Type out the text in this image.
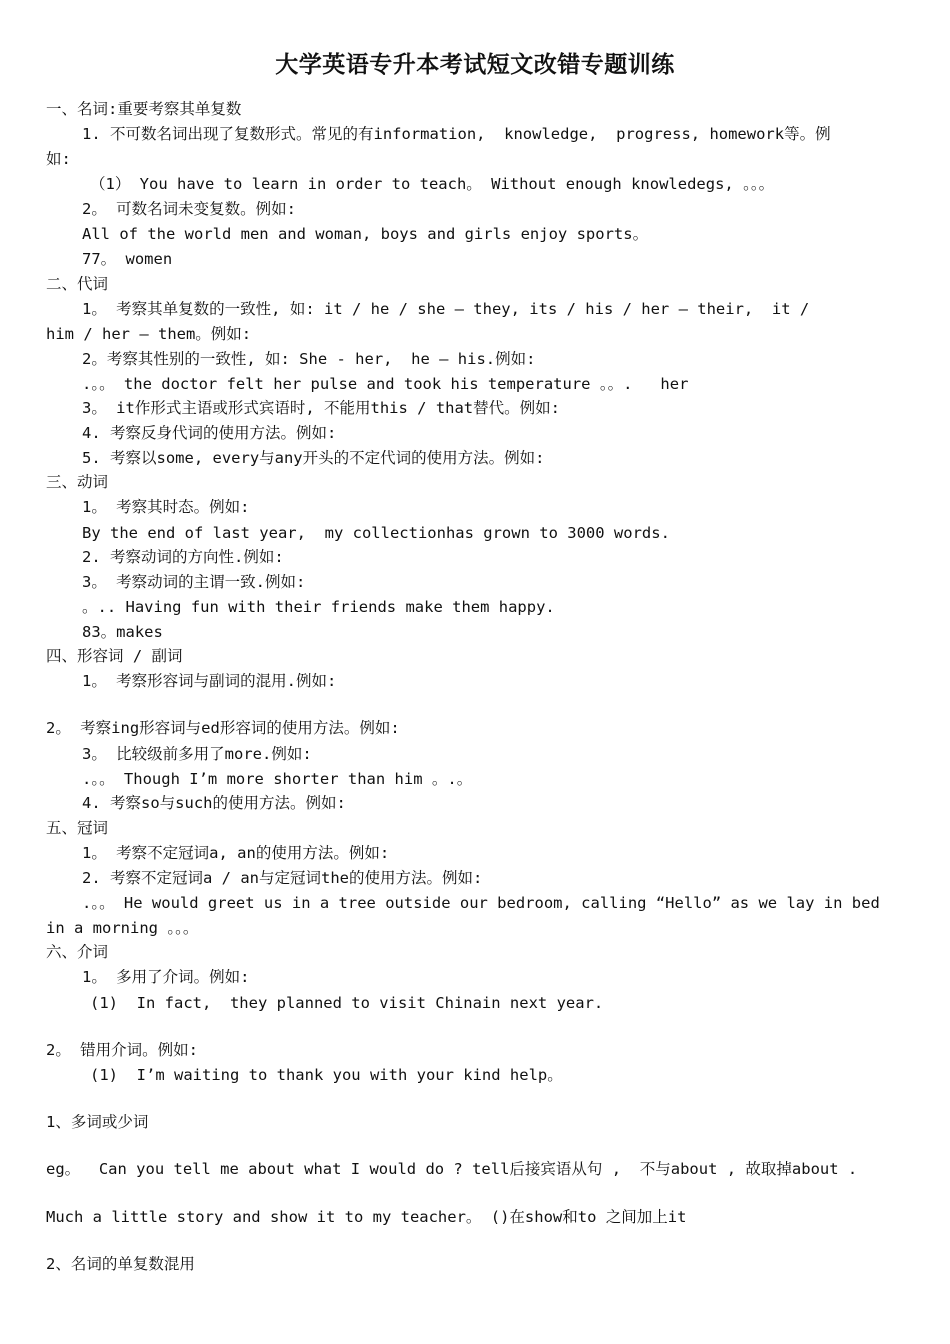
大学英语专升本考试短文改错专题训练
一、名词:重要考察其单复数
1. 不可数名词出现了复数形式。常见的有information,  knowledge,  progress, homework等。例
如:
（1） You have to learn in order to teach。 Without enough knowledegs, 。。。
2。 可数名词未变复数。例如:
All of the world men and woman, boys and girls enjoy sports。
77。 women
二、代词
1。 考察其单复数的一致性, 如: it / he / she — they, its / his / her — their,  it /
him / her — them。例如:
2。考察其性别的一致性, 如: She - her,  he — his.例如:
.。。 the doctor felt her pulse and took his temperature 。。.   her
3。 it作形式主语或形式宾语时, 不能用this / that替代。例如:
4. 考察反身代词的使用方法。例如:
5. 考察以some, every与any开头的不定代词的使用方法。例如:
三、动词
1。 考察其时态。例如:
By the end of last year,  my collectionhas grown to 3000 words.
2. 考察动词的方向性.例如:
3。 考察动词的主谓一致.例如:
。.. Having fun with their friends make them happy.
83。makes
四、形容词 / 副词
1。 考察形容词与副词的混用.例如:
2。 考察ing形容词与ed形容词的使用方法。例如:
3。 比较级前多用了more.例如:
.。。 Though I’m more shorter than him 。.。
4. 考察so与such的使用方法。例如:
五、冠词
1。 考察不定冠词a, an的使用方法。例如:
2. 考察不定冠词a / an与定冠词the的使用方法。例如:
.。。 He would greet us in a tree outside our bedroom, calling “Hello” as we lay in bed
in a morning 。。。
六、介词
1。 多用了介词。例如:
(1)  In fact,  they planned to visit Chinain next year.
2。 错用介词。例如:
(1)  I’m waiting to thank you with your kind help。
1、多词或少词
eg。  Can you tell me about what I would do ? tell后接宾语从句 ,  不与about , 故取掉about .
Much a little story and show it to my teacher。 ()在show和to 之间加上it
2、名词的单复数混用
